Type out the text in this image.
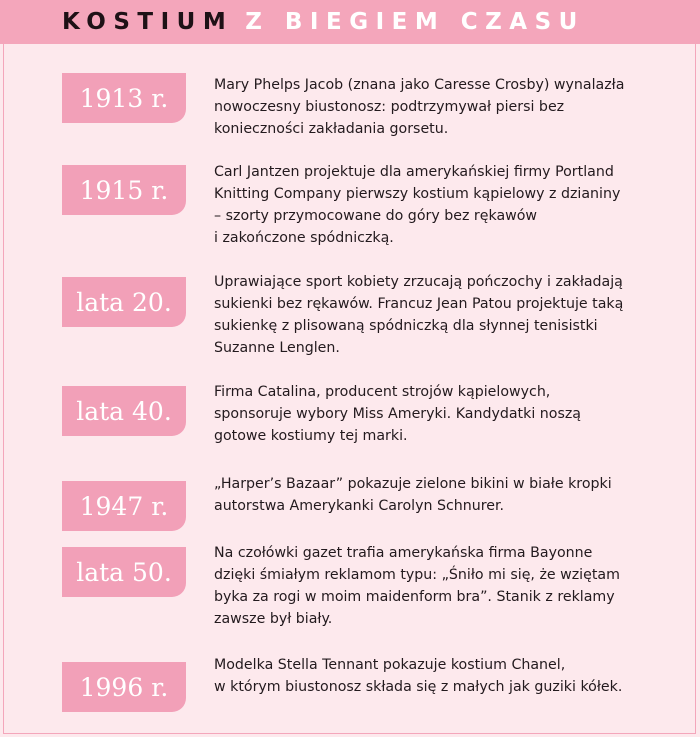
KOSTIUM Z BIEGIEM CZASU
1913 r.	Mary Phelps Jacob (znana jako Caresse Crosby) wynalazła
nowoczesny biustonosz: podtrzymywał piersi bez
konieczności zakładania gorsetu.
1915 r.
Carl Jantzen projektuje dla amerykańskiej firmy Portland
Knitting Company pierwszy kostium kąpielowy z dzianiny
– szorty przymocowane do góry bez rękawów
i zakończone spódniczką.
lata 20.
Uprawiające sport kobiety zrzucają pończochy i zakładają
sukienki bez rękawów. Francuz Jean Patou projektuje taką
sukienkę z plisowaną spódniczką dla słynnej tenisistki
Suzanne Lenglen.
lata 40.
Firma Catalina, producent strojów kąpielowych,
sponsoruje wybory Miss Ameryki. Kandydatki noszą
gotowe kostiumy tej marki.
1947 r.
„Harper’s Bazaar” pokazuje zielone bikini w białe kropki
autorstwa Amerykanki Carolyn Schnurer.
lata 50.
Na czołówki gazet trafia amerykańska firma Bayonne
dzięki śmiałym reklamom typu: „Śniło mi się, że wziętam
byka za rogi w moim maidenform bra”. Stanik z reklamy
zawsze był biały.
1996 r.
Modelka Stella Tennant pokazuje kostium Chanel,
w którym biustonosz składa się z małych jak guziki kółek.
